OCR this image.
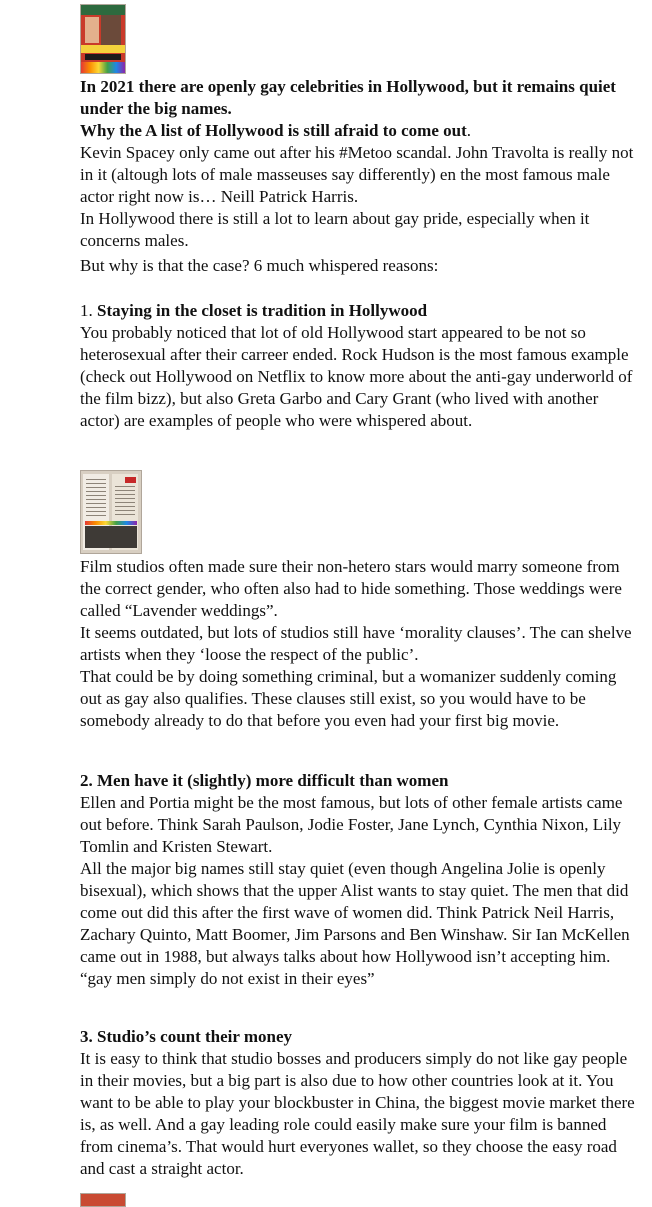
In 2021 there are openly gay celebrities in Hollywood, but it remains quiet under the big names.

Why the A list of Hollywood is still afraid to come out.

Kevin Spacey only came out after his #Metoo scandal. John Travolta is really not in it (altough lots of male masseuses say differently) en the most famous male actor right now is… Neill Patrick Harris.

In Hollywood there is still a lot to learn about gay pride, especially when it concerns males.

But why is that the case? 6 much whispered reasons:

1. Staying in the closet is tradition in Hollywood

You probably noticed that lot of old Hollywood start appeared to be not so heterosexual after their carreer ended. Rock Hudson is the most famous example (check out Hollywood on Netflix to know more about the anti-gay underworld of the film bizz), but also Greta Garbo and Cary Grant (who lived with another actor) are examples of people who were whispered about.

Film studios often made sure their non-hetero stars would marry someone from the correct gender, who often also had to hide something. Those weddings were called “Lavender weddings”.

It seems outdated, but lots of studios still have ‘morality clauses’. The can shelve artists when they ‘loose the respect of the public’.

That could be by doing something criminal, but a womanizer suddenly coming out as gay also qualifies. These clauses still exist, so you would have to be somebody already to do that before you even had your first big movie.

2. Men have it (slightly) more difficult than women

Ellen and Portia might be the most famous, but lots of other female artists came out before. Think Sarah Paulson, Jodie Foster, Jane Lynch, Cynthia Nixon, Lily Tomlin and Kristen Stewart.

All the major big names still stay quiet (even though Angelina Jolie is openly bisexual), which shows that the upper Alist wants to stay quiet. The men that did come out did this after the first wave of women did. Think Patrick Neil Harris, Zachary Quinto, Matt Boomer, Jim Parsons and Ben Winshaw. Sir Ian McKellen came out in 1988, but always talks about how Hollywood isn’t accepting him. “gay men simply do not exist in their eyes”

3. Studio’s count their money

It is easy to think that studio bosses and producers simply do not like gay people in their movies, but a big part is also due to how other countries look at it. You want to be able to play your blockbuster in China, the biggest movie market there is, as well. And a gay leading role could easily make sure your film is banned from cinema’s. That would hurt everyones wallet, so they choose the easy road and cast a straight actor.
